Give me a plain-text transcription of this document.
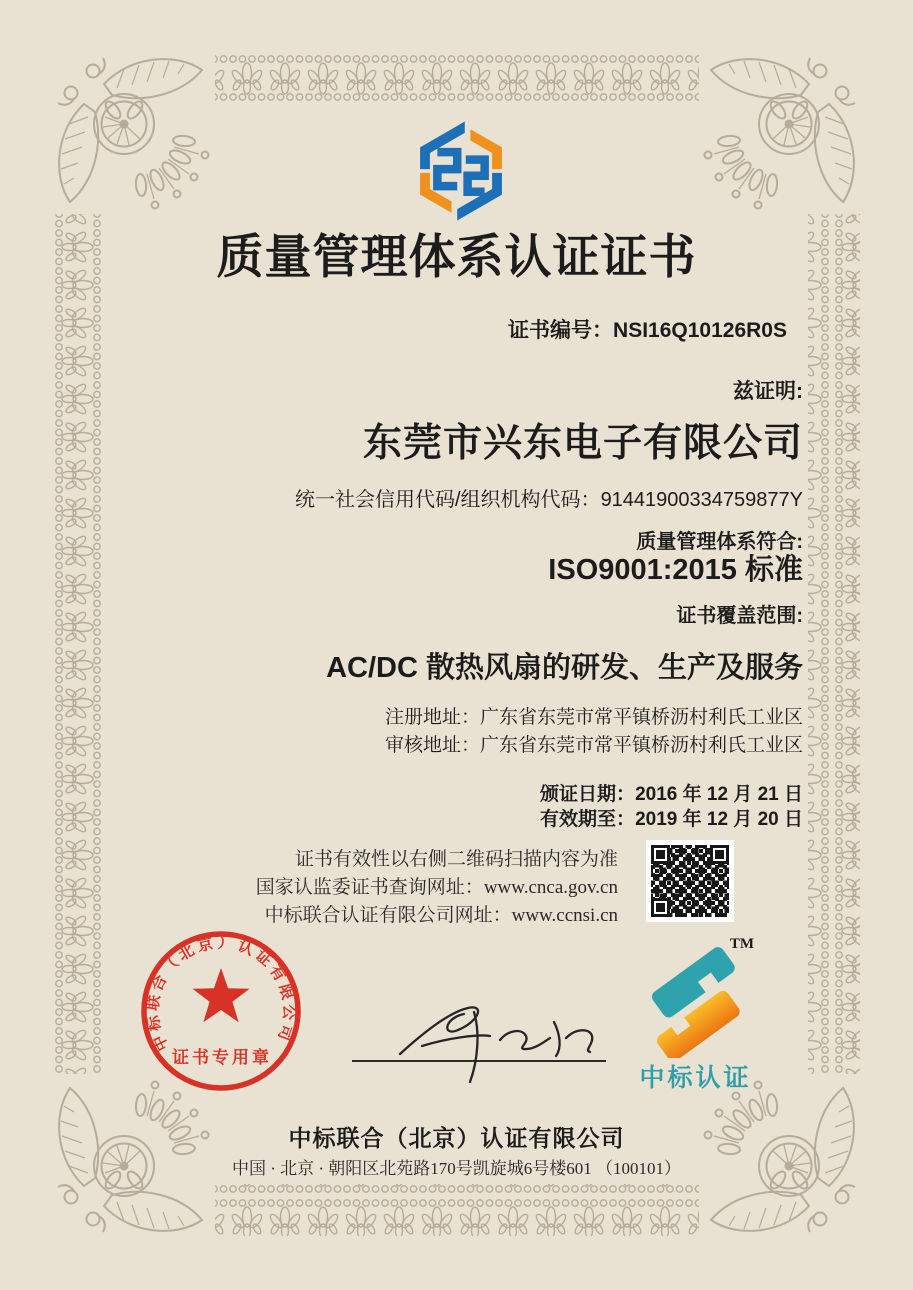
质量管理体系认证证书
证书编号：NSI16Q10126R0S
兹证明:
东莞市兴东电子有限公司
统一社会信用代码/组织机构代码：91441900334759877Y
质量管理体系符合:
ISO9001:2015 标准
证书覆盖范围:
AC/DC 散热风扇的研发、生产及服务
注册地址：广东省东莞市常平镇桥沥村利氏工业区
审核地址：广东省东莞市常平镇桥沥村利氏工业区
颁证日期：2016 年 12 月 21 日
有效期至：2019 年 12 月 20 日
证书有效性以右侧二维码扫描内容为准
国家认监委证书查询网址：www.cnca.gov.cn
中标联合认证有限公司网址：www.ccnsi.cn
中标联合（北京）认证有限公司
证书专用章
TM
中标认证
中标联合（北京）认证有限公司
中国 · 北京 · 朝阳区北苑路170号凯旋城6号楼601 （100101）
